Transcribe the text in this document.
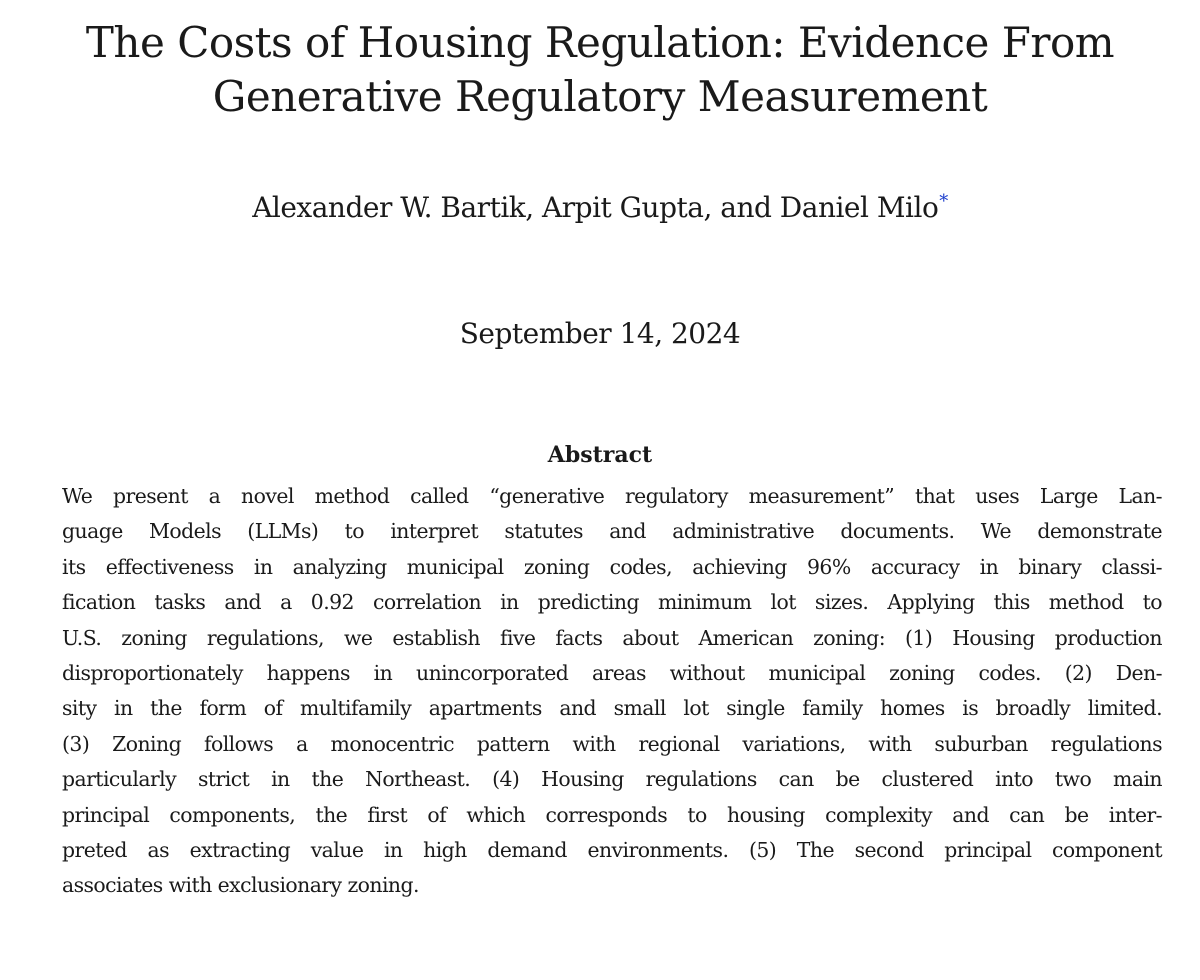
The Costs of Housing Regulation: Evidence From
Generative Regulatory Measurement
Alexander W. Bartik, Arpit Gupta, and Daniel Milo*
September 14, 2024
Abstract
We present a novel method called “generative regulatory measurement” that uses Large Lan-
guage Models (LLMs) to interpret statutes and administrative documents. We demonstrate
its effectiveness in analyzing municipal zoning codes, achieving 96% accuracy in binary classi-
fication tasks and a 0.92 correlation in predicting minimum lot sizes. Applying this method to
U.S. zoning regulations, we establish five facts about American zoning: (1) Housing production
disproportionately happens in unincorporated areas without municipal zoning codes. (2) Den-
sity in the form of multifamily apartments and small lot single family homes is broadly limited.
(3) Zoning follows a monocentric pattern with regional variations, with suburban regulations
particularly strict in the Northeast. (4) Housing regulations can be clustered into two main
principal components, the first of which corresponds to housing complexity and can be inter-
preted as extracting value in high demand environments. (5) The second principal component
associates with exclusionary zoning.
